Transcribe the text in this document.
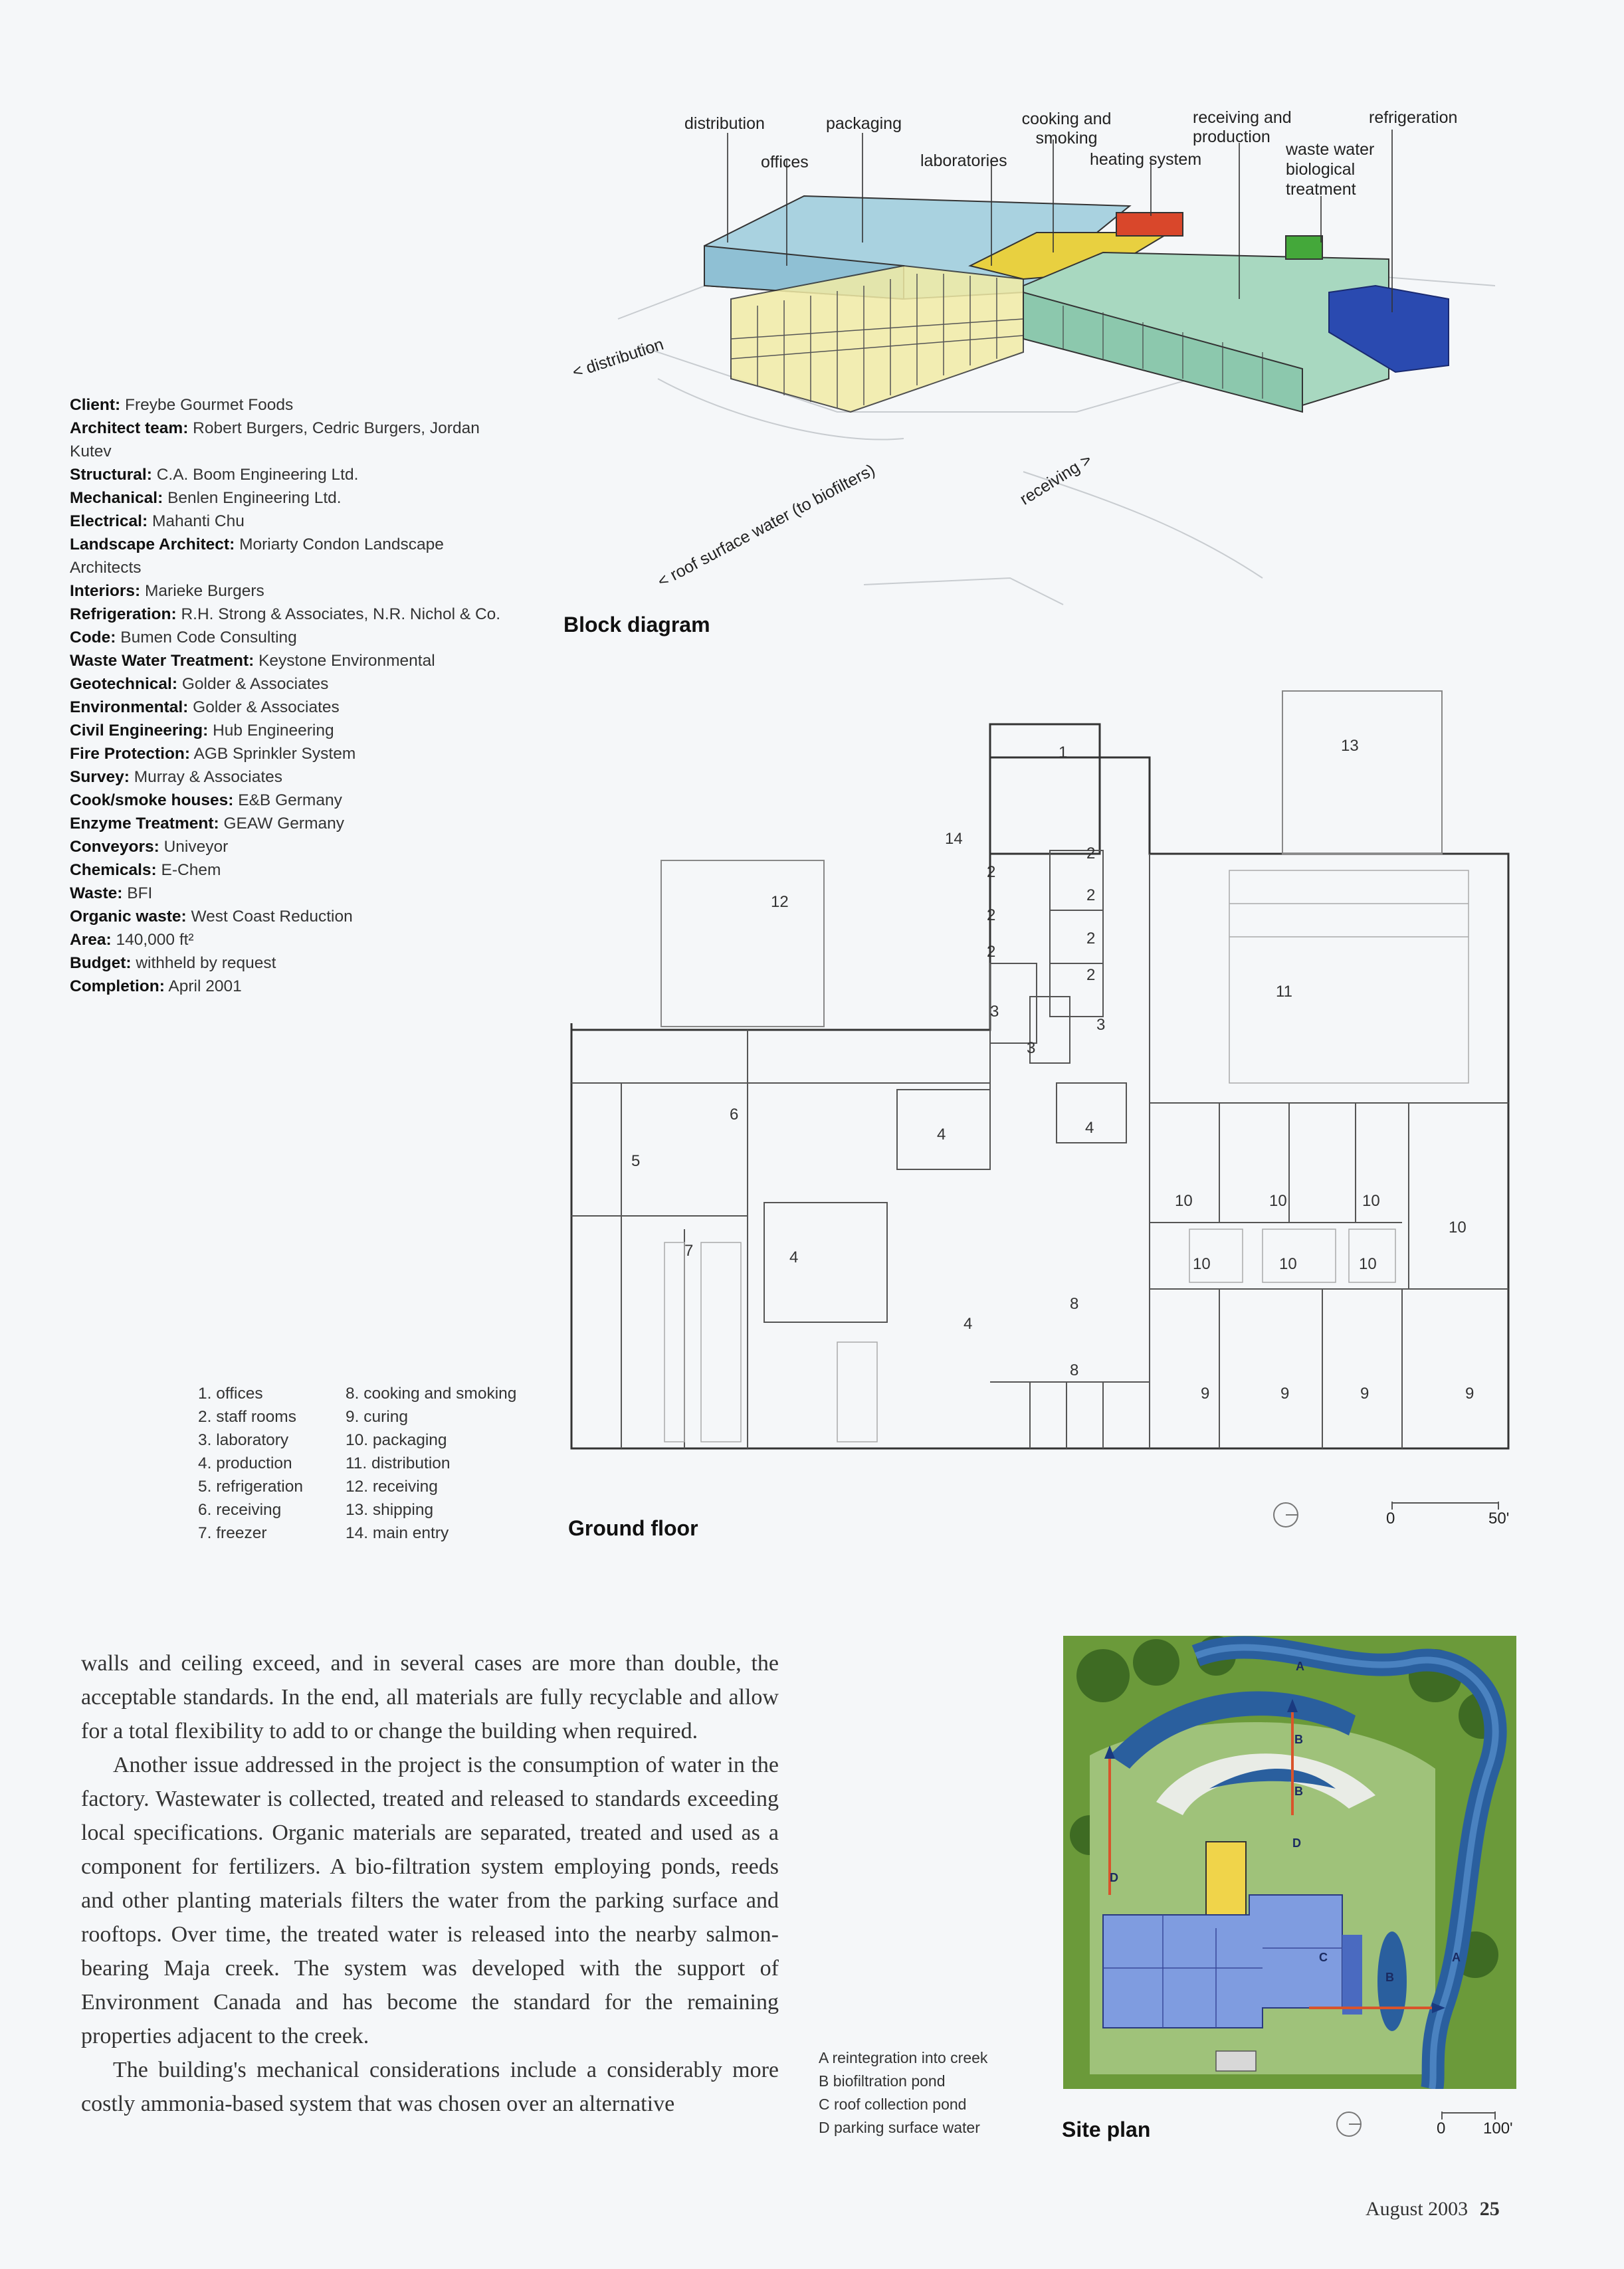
distribution	packaging
offices	laboratories
cooking and smoking
heating system
receiving and production
refrigeration
waste water biological treatment
< distribution
< roof surface water (to biofilters)	receiving >
Block diagram
Client: Freybe Gourmet Foods
Architect team: Robert Burgers, Cedric Burgers, Jordan Kutev
Structural: C.A. Boom Engineering Ltd.
Mechanical: Benlen Engineering Ltd.
Electrical: Mahanti Chu
Landscape Architect: Moriarty Condon Landscape Architects
Interiors: Marieke Burgers
Refrigeration: R.H. Strong & Associates, N.R. Nichol & Co.
Code: Bumen Code Consulting
Waste Water Treatment: Keystone Environmental
Geotechnical: Golder & Associates
Environmental: Golder & Associates
Civil Engineering: Hub Engineering
Fire Protection: AGB Sprinkler System
Survey: Murray & Associates
Cook/smoke houses: E&B Germany
Enzyme Treatment: GEAW Germany
Conveyors: Univeyor
Chemicals: E-Chem
Waste: BFI
Organic waste: West Coast Reduction
Area: 140,000 ft²
Budget: withheld by request
Completion: April 2001
1	13
14
2
2
2
2
2
2
2
12
11
3
3
3
6
4	4
5
7	4
4
8
8
10	10	10
10
10	10	10
9	9	9	9
1. offices
2. staff rooms
3. laboratory
4. production
5. refrigeration
6. receiving
7. freezer
8. cooking and smoking
9. curing
10. packaging
11. distribution
12. receiving
13. shipping
14. main entry	Ground floor	0	50'

walls and ceiling exceed, and in several cases are more than double, the acceptable standards. In the end, all materials are fully recyclable and allow for a total flexibility to add to or change the building when required.

Another issue addressed in the project is the consumption of water in the factory. Wastewater is collected, treated and released to standards exceeding local specifications. Organic materials are separated, treated and used as a component for fertilizers. A bio-filtration system employing ponds, reeds and other planting materials filters the water from the parking surface and rooftops. Over time, the treated water is released into the nearby salmon-bearing Maja creek. The system was developed with the support of Environment Canada and has become the standard for the remaining properties adjacent to the creek.

The building's mechanical considerations include a considerably more costly ammonia-based system that was chosen over an alternative

A
B
B
D
D
C
B
A
A reintegration into creek
B biofiltration pond
C roof collection pond
D parking surface water	Site plan	0 100'
August 2003 25
